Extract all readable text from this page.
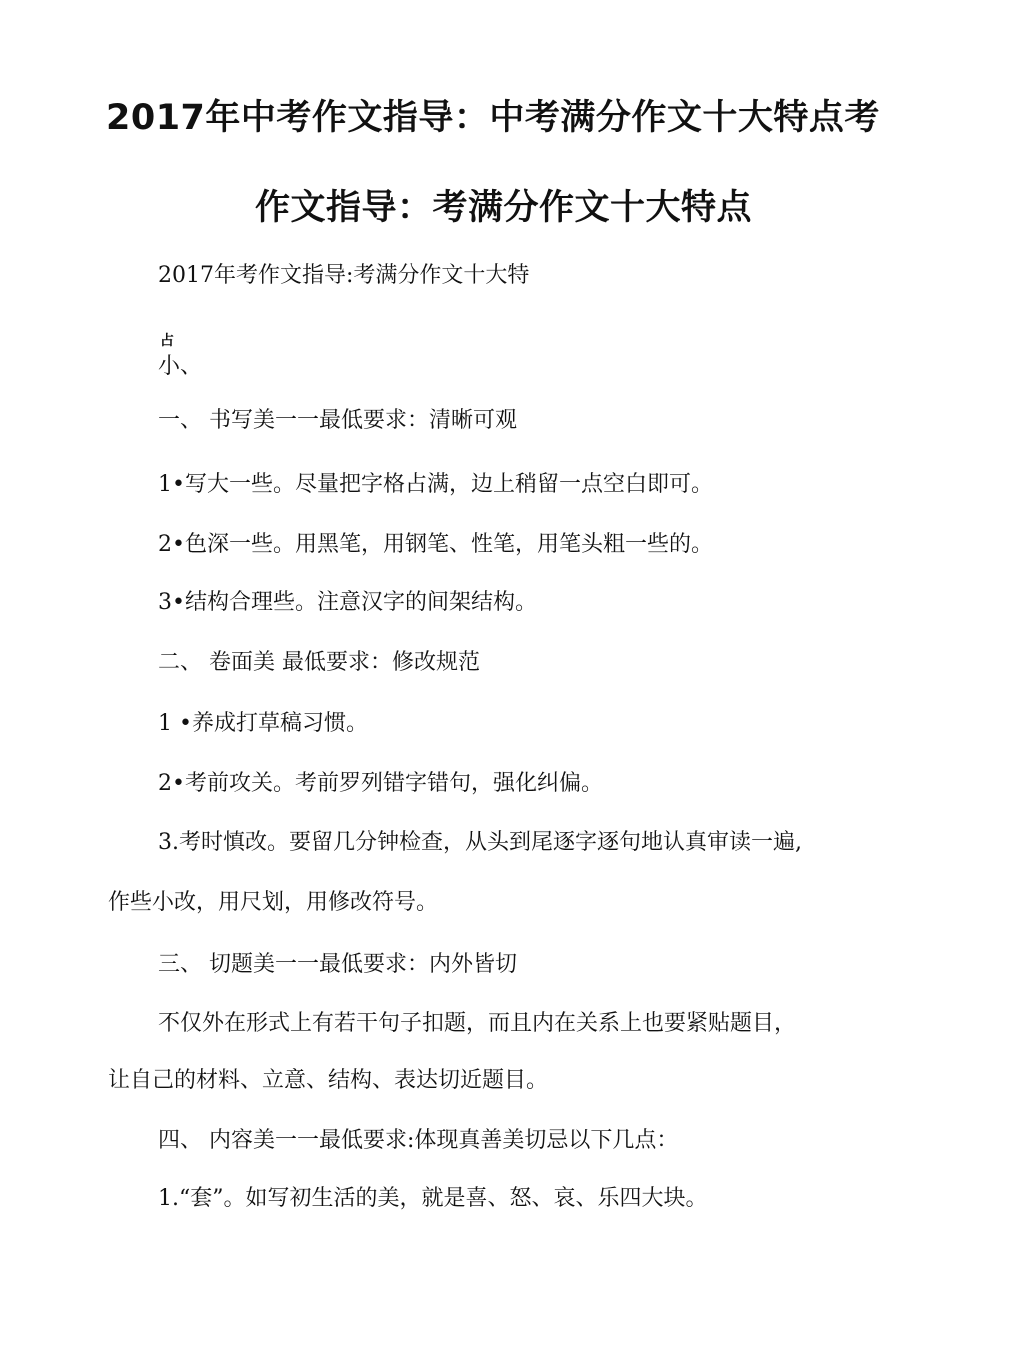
2017年中考作文指导：中考满分作文十大特点考
作文指导：考满分作文十大特点
2017年考作文指导:考满分作文十大特
占
小、
一、 书写美一一最低要求：清晰可观
1•写大一些。尽量把字格占满，边上稍留一点空白即可。
2•色深一些。用黑笔，用钢笔、性笔，用笔头粗一些的。
3•结构合理些。注意汉字的间架结构。
二、 卷面美 最低要求：修改规范
1 •养成打草稿习惯。
2•考前攻关。考前罗列错字错句，强化纠偏。
3.考时慎改。要留几分钟检查，从头到尾逐字逐句地认真审读一遍,
作些小改，用尺划，用修改符号。
三、 切题美一一最低要求：内外皆切
不仅外在形式上有若干句子扣题，而且内在关系上也要紧贴题目，
让自己的材料、立意、结构、表达切近题目。
四、 内容美一一最低要求:体现真善美切忌以下几点：
1.“套”。如写初生活的美，就是喜、怒、哀、乐四大块。
